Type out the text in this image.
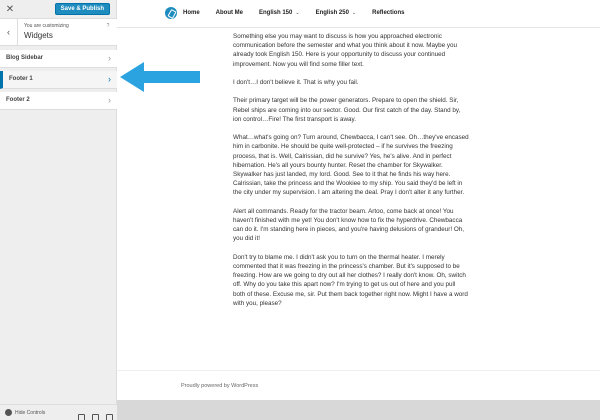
✕	Save & Publish
‹
You are customizing
Widgets
?
Blog Sidebar	›
Footer 1	›
Footer 2	›
Hide Controls
Home	About Me	English 150 ⌄	English 250 ⌄	Reflections

Something else you may want to discuss is how you approached electronic communication before the semester and what you think about it now. Maybe you already took English 150. Here is your opportunity to discuss your continued improvement. Now you will find some filler text.

I don't…I don't believe it. That is why you fail.

Their primary target will be the power generators. Prepare to open the shield. Sir, Rebel ships are coming into our sector. Good. Our first catch of the day. Stand by, ion control…Fire! The first transport is away.

What…what's going on? Turn around, Chewbacca, I can't see. Oh…they've encased him in carbonite. He should be quite well-protected – if he survives the freezing process, that is. Well, Calrissian, did he survive? Yes, he's alive. And in perfect hibernation. He's all yours bounty hunter. Reset the chamber for Skywalker. Skywalker has just landed, my lord. Good. See to it that he finds his way here. Calrissian, take the princess and the Wookiee to my ship. You said they'd be left in the city under my supervision. I am altering the deal. Pray I don't alter it any further.

Alert all commands. Ready for the tractor beam. Artoo, come back at once! You haven't finished with me yet! You don't know how to fix the hyperdrive. Chewbacca can do it. I'm standing here in pieces, and you're having delusions of grandeur! Oh, you did it!

Don't try to blame me. I didn't ask you to turn on the thermal heater. I merely commented that it was freezing in the princess's chamber. But it's supposed to be freezing. How are we going to dry out all her clothes? I really don't know. Oh, switch off. Why do you take this apart now? I'm trying to get us out of here and you pull both of these. Excuse me, sir. Put them back together right now. Might I have a word with you, please?

Proudly powered by WordPress
